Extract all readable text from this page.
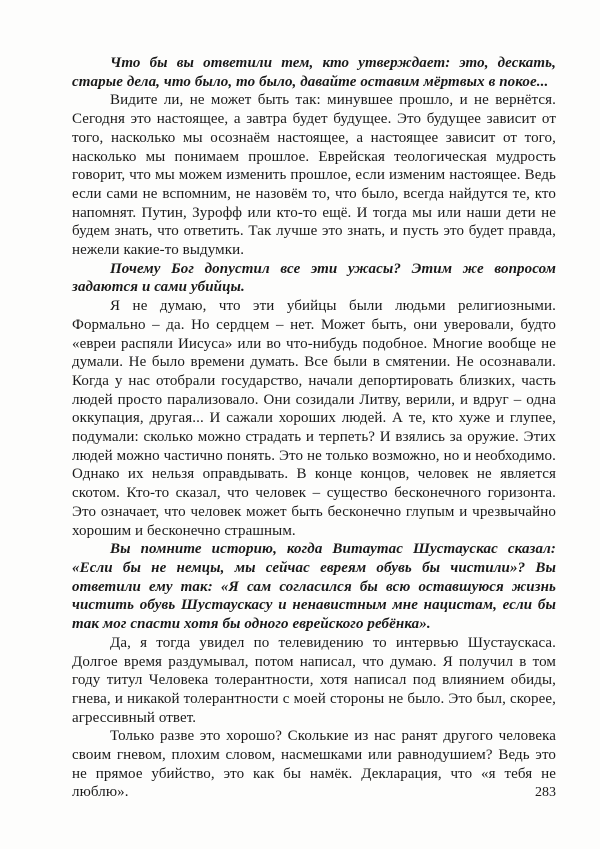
Что бы вы ответили тем, кто утверждает: это, дескать, старые дела, что было, то было, давайте оставим мёртвых в покое...

Видите ли, не может быть так: минувшее прошло, и не вернётся. Сегодня это настоящее, а завтра будет будущее. Это будущее зависит от того, насколько мы осознаём настоящее, а настоящее зависит от того, насколько мы понимаем прошлое. Еврейская теологическая мудрость говорит, что мы можем изменить прошлое, если изменим настоящее. Ведь если сами не вспомним, не назовём то, что было, всегда найдутся те, кто напомнят. Путин, Зурофф или кто-то ещё. И тогда мы или наши дети не будем знать, что ответить. Так лучше это знать, и пусть это будет правда, нежели какие-то выдумки.

Почему Бог допустил все эти ужасы? Этим же вопросом задаются и сами убийцы.

Я не думаю, что эти убийцы были людьми религиозными. Формально – да. Но сердцем – нет. Может быть, они уверовали, будто «евреи распяли Иисуса» или во что-нибудь подобное. Многие вообще не думали. Не было времени думать. Все были в смятении. Не осознавали. Когда у нас отобрали государство, начали депортировать близких, часть людей просто парализовало. Они созидали Литву, верили, и вдруг – одна оккупация, другая... И сажали хороших людей. А те, кто хуже и глупее, подумали: сколько можно страдать и терпеть? И взялись за оружие. Этих людей можно частично понять. Это не только возможно, но и необходимо. Однако их нельзя оправдывать. В конце концов, человек не является скотом. Кто-то сказал, что человек – существо бесконечного горизонта. Это означает, что человек может быть бесконечно глупым и чрезвычайно хорошим и бесконечно страшным.

Вы помните историю, когда Витаутас Шустаускас сказал: «Если бы не немцы, мы сейчас евреям обувь бы чистили»? Вы ответили ему так: «Я сам согласился бы всю оставшуюся жизнь чистить обувь Шустаускасу и ненавистным мне нацистам, если бы так мог спасти хотя бы одного еврейского ребёнка».

Да, я тогда увидел по телевидению то интервью Шустаускаса. Долгое время раздумывал, потом написал, что думаю. Я получил в том году титул Человека толерантности, хотя написал под влиянием обиды, гнева, и никакой толерантности с моей стороны не было. Это был, скорее, агрессивный ответ.

Только разве это хорошо? Сколькие из нас ранят другого человека своим гневом, плохим словом, насмешками или равнодушием? Ведь это не прямое убийство, это как бы намёк. Декларация, что «я тебя не люблю».	283
